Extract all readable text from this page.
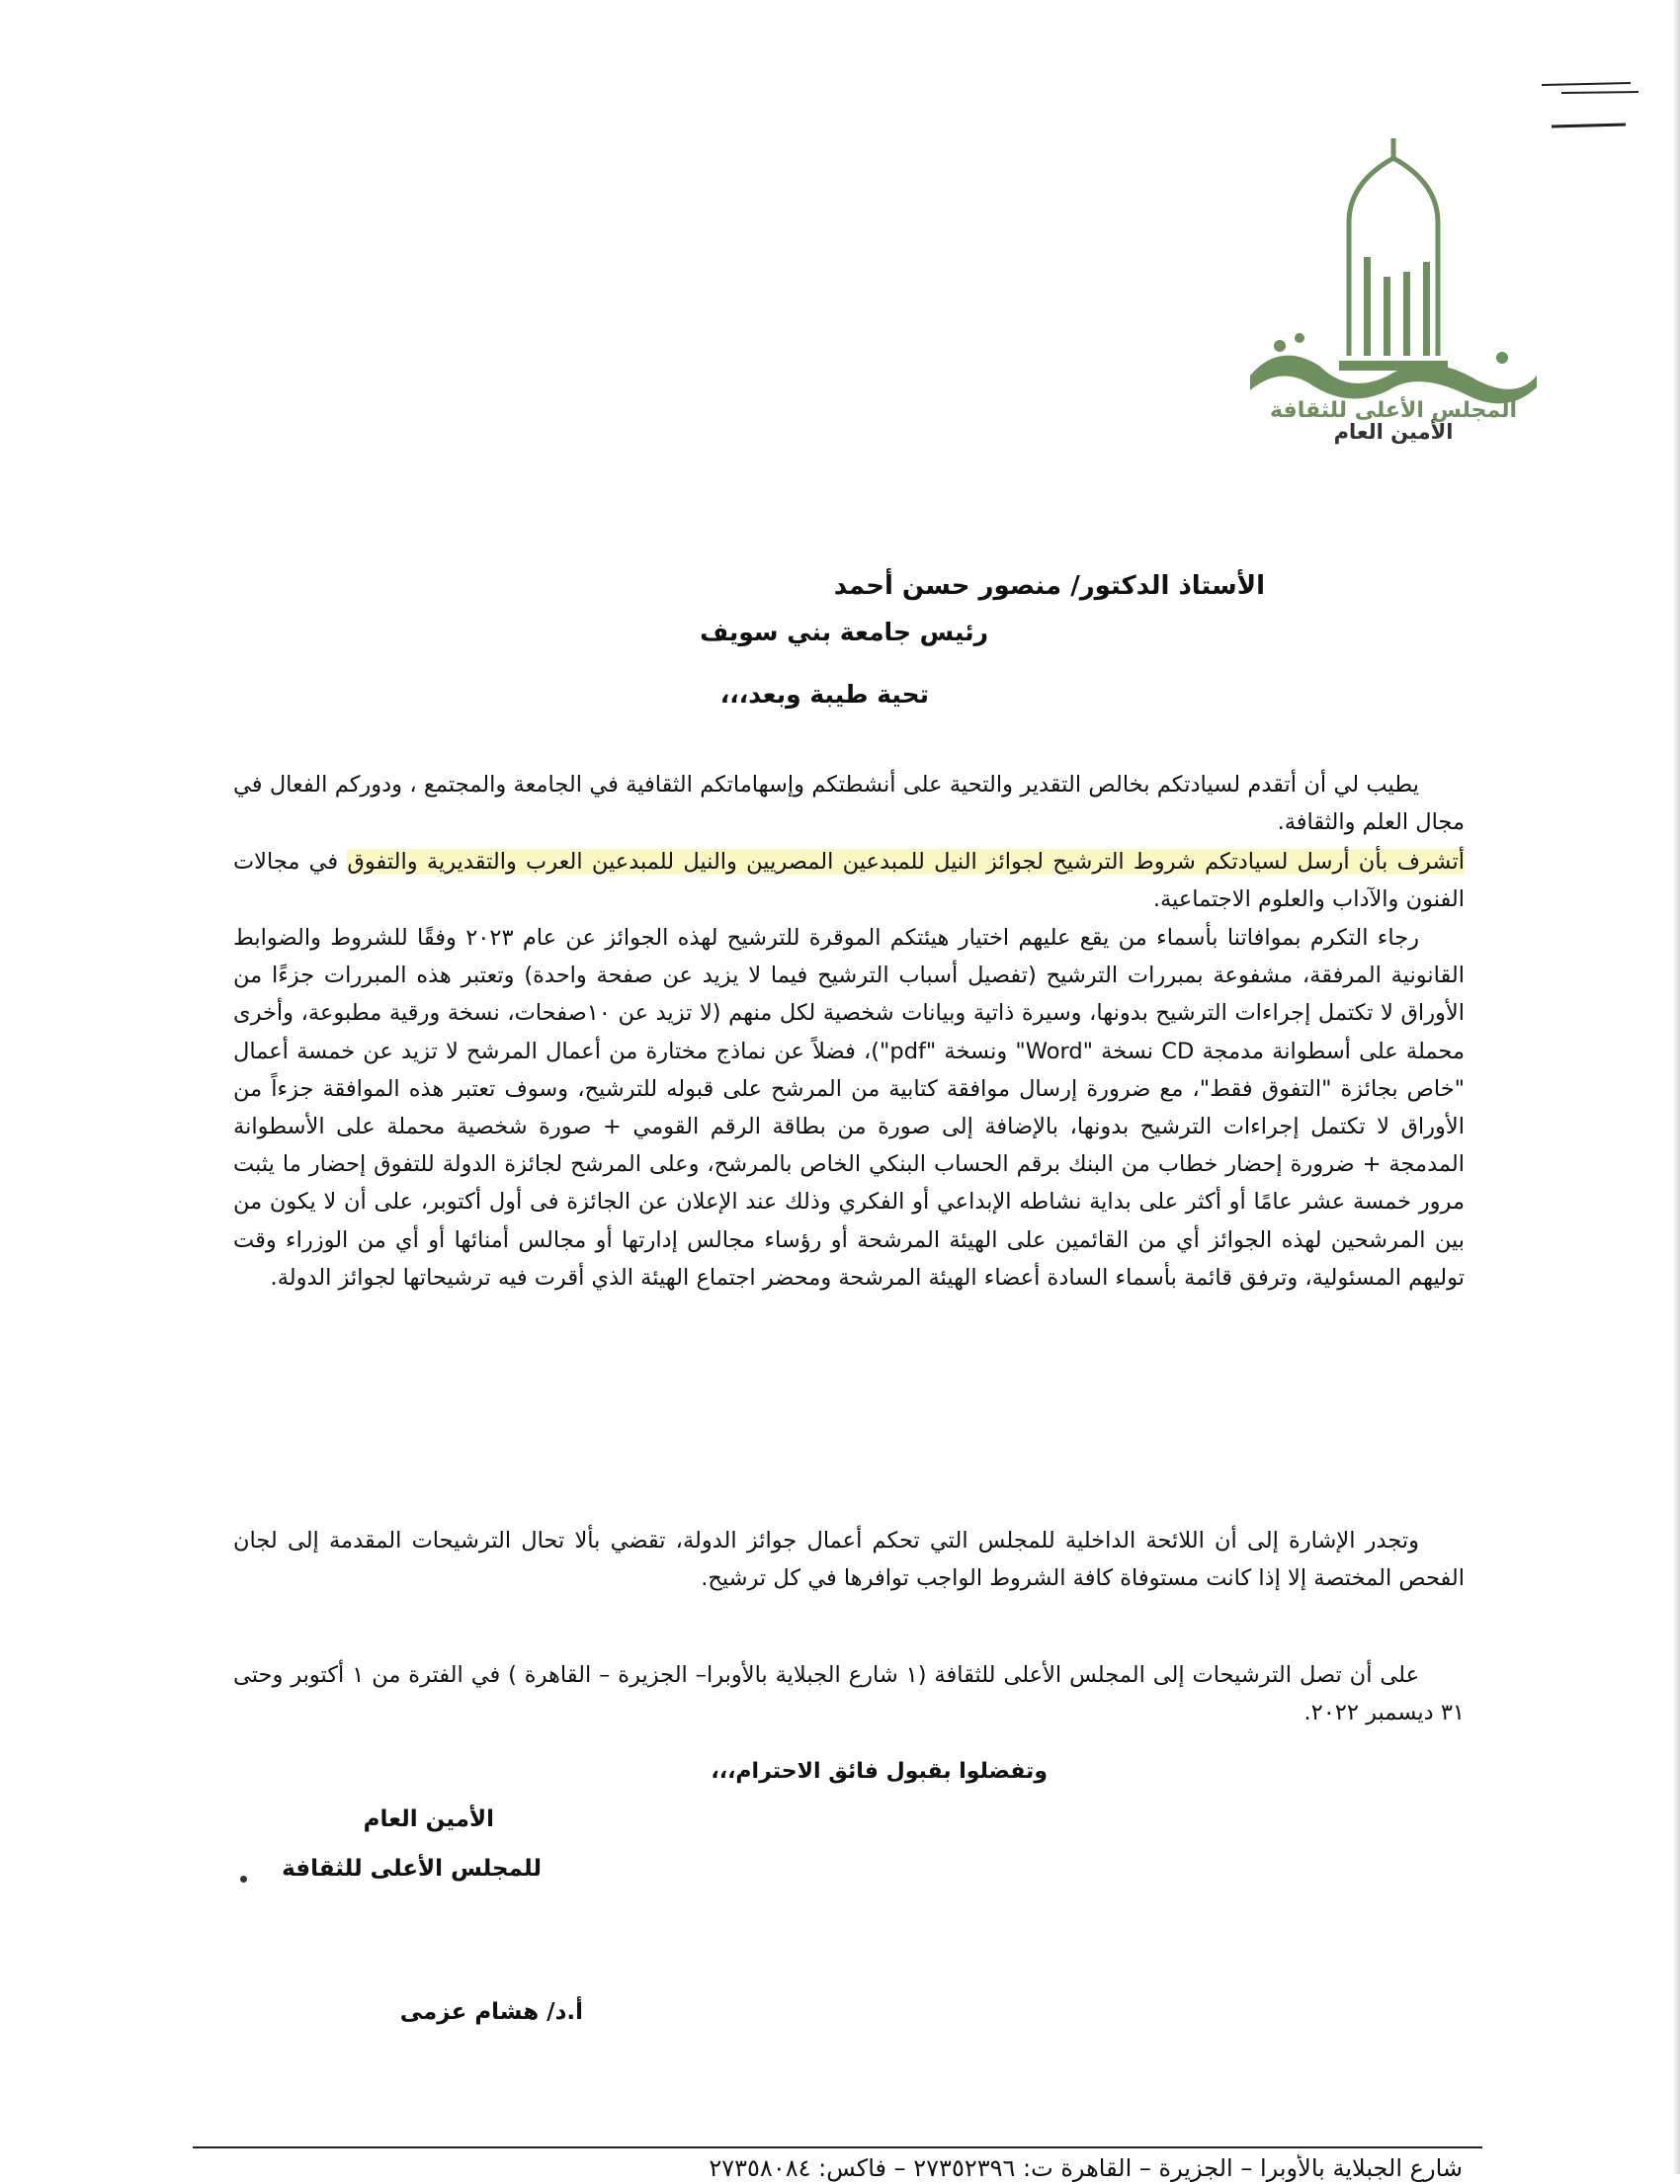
المجلس الأعلى للثقافة
الأمين العام
الأستاذ الدكتور/ منصور حسن أحمد
رئيس جامعة بني سويف
تحية طيبة وبعد،،،
يطيب لي أن أتقدم لسيادتكم بخالص التقدير والتحية على أنشطتكم وإسهاماتكم الثقافية في الجامعة والمجتمع ، ودوركم الفعال في مجال العلم والثقافة.
أتشرف بأن أرسل لسيادتكم شروط الترشيح لجوائز النيل للمبدعين المصريين والنيل للمبدعين العرب والتقديرية والتفوق في مجالات الفنون والآداب والعلوم الاجتماعية.
رجاء التكرم بموافاتنا بأسماء من يقع عليهم اختيار هيئتكم الموقرة للترشيح لهذه الجوائز عن عام ٢٠٢٣ وفقًا للشروط والضوابط القانونية المرفقة، مشفوعة بمبررات الترشيح (تفصيل أسباب الترشيح فيما لا يزيد عن صفحة واحدة) وتعتبر هذه المبررات جزءًا من الأوراق لا تكتمل إجراءات الترشيح بدونها، وسيرة ذاتية وبيانات شخصية لكل منهم (لا تزيد عن ١٠صفحات، نسخة ورقية مطبوعة، وأخرى محملة على أسطوانة مدمجة CD نسخة "Word" ونسخة "pdf")، فضلاً عن نماذج مختارة من أعمال المرشح لا تزيد عن خمسة أعمال "خاص بجائزة "التفوق فقط"، مع ضرورة إرسال موافقة كتابية من المرشح على قبوله للترشيح، وسوف تعتبر هذه الموافقة جزءاً من الأوراق لا تكتمل إجراءات الترشيح بدونها، بالإضافة إلى صورة من بطاقة الرقم القومي + صورة شخصية محملة على الأسطوانة المدمجة + ضرورة إحضار خطاب من البنك برقم الحساب البنكي الخاص بالمرشح، وعلى المرشح لجائزة الدولة للتفوق إحضار ما يثبت مرور خمسة عشر عامًا أو أكثر على بداية نشاطه الإبداعي أو الفكري وذلك عند الإعلان عن الجائزة فى أول أكتوبر، على أن لا يكون من بين المرشحين لهذه الجوائز أي من القائمين على الهيئة المرشحة أو رؤساء مجالس إدارتها أو مجالس أمنائها أو أي من الوزراء وقت توليهم المسئولية، وترفق قائمة بأسماء السادة أعضاء الهيئة المرشحة ومحضر اجتماع الهيئة الذي أقرت فيه ترشيحاتها لجوائز الدولة.
وتجدر الإشارة إلى أن اللائحة الداخلية للمجلس التي تحكم أعمال جوائز الدولة، تقضي بألا تحال الترشيحات المقدمة إلى لجان الفحص المختصة إلا إذا كانت مستوفاة كافة الشروط الواجب توافرها في كل ترشيح.
على أن تصل الترشيحات إلى المجلس الأعلى للثقافة (١ شارع الجبلاية بالأوبرا– الجزيرة – القاهرة ) في الفترة من ١ أكتوبر وحتى ٣١ ديسمبر ٢٠٢٢.
وتفضلوا بقبول فائق الاحترام،،،
الأمين العام
للمجلس الأعلى للثقافة
أ.د/ هشام عزمى
شارع الجبلاية بالأوبرا – الجزيرة – القاهرة ت: ٢٧٣٥٢٣٩٦ – فاكس: ٢٧٣٥٨٠٨٤
